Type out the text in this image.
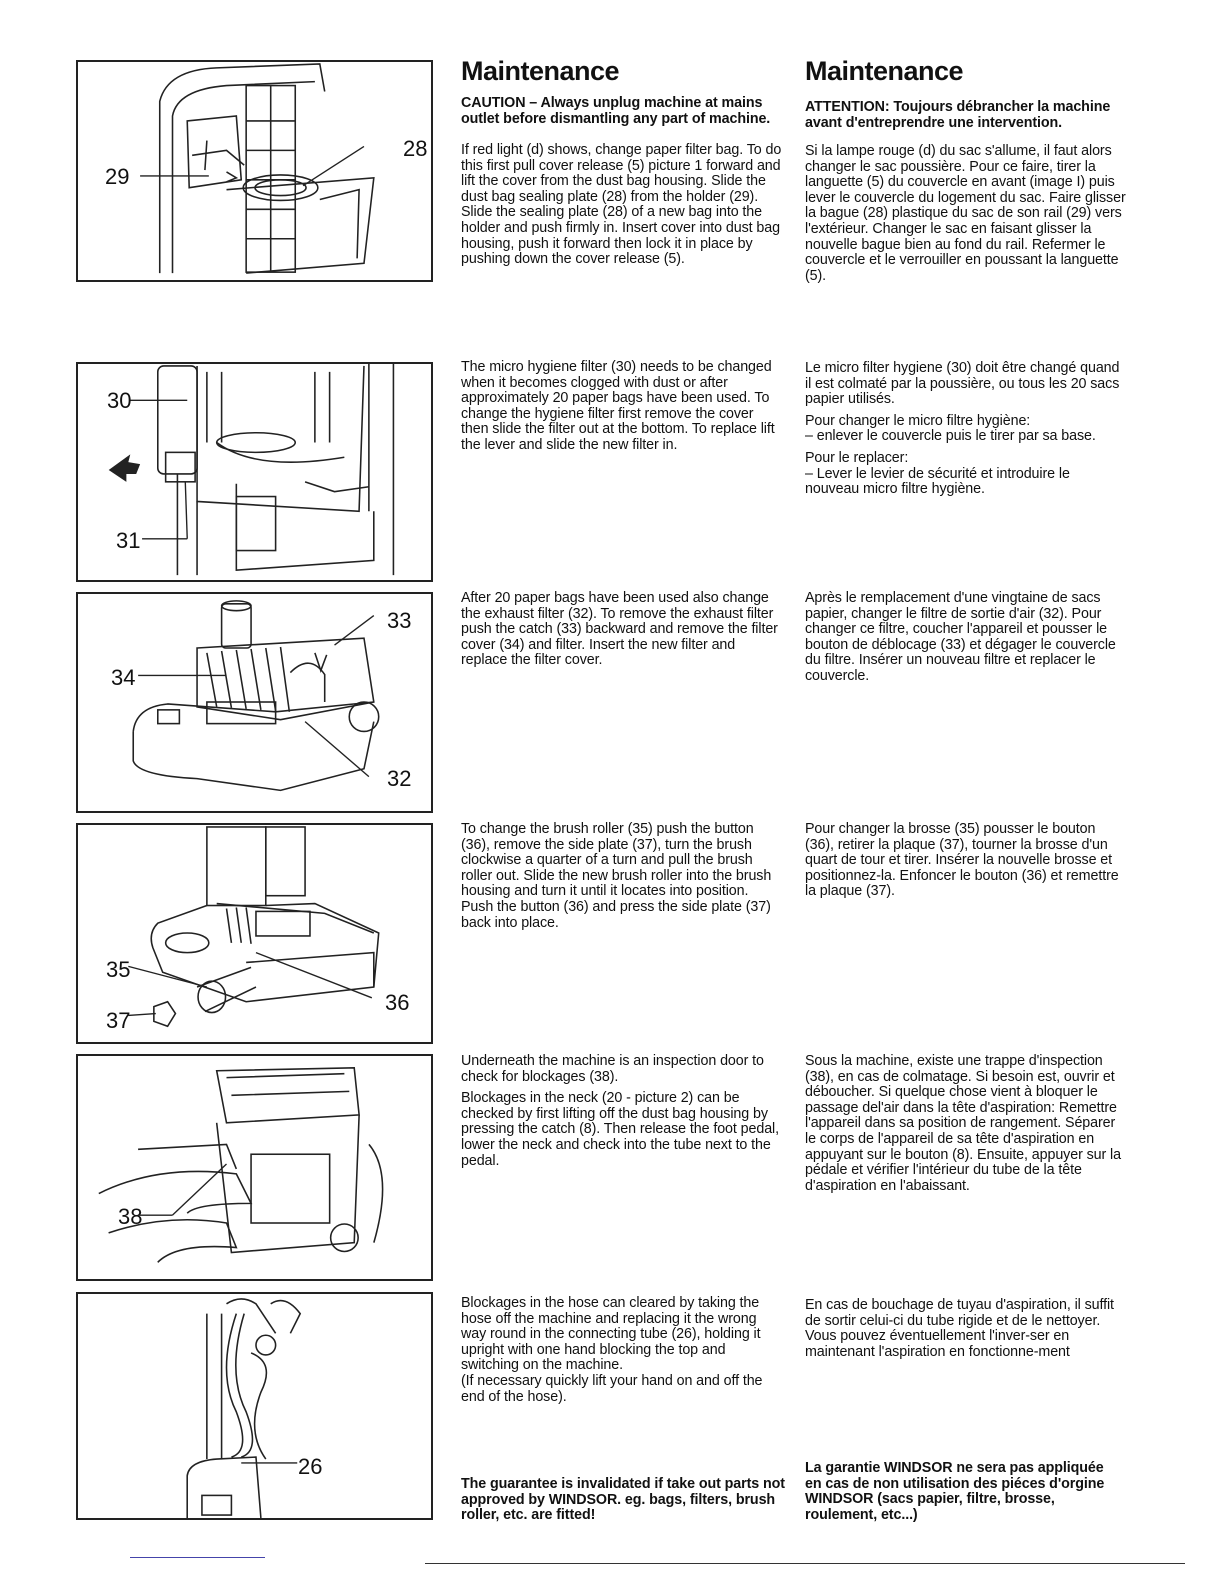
29
28
30
31
33
34
32
35
37
36
38
26
Maintenance
CAUTION – Always unplug machine at mains outlet before dismantling any part of machine.
If red light (d) shows, change paper filter bag. To do this first pull cover release (5) picture 1 forward and lift the cover from the dust bag housing. Slide the dust bag sealing plate (28) from the holder (29). Slide the sealing plate (28) of a new bag into the holder and push firmly in. Insert cover into dust bag housing, push it forward then lock it in place by pushing down the cover release (5).
The micro hygiene filter (30) needs to be changed when it becomes clogged with dust or after approximately 20 paper bags have been used. To change the hygiene filter first remove the cover then slide the filter out at the bottom. To replace lift the lever and slide the new filter in.
After 20 paper bags have been used also change the exhaust filter (32). To remove the exhaust filter push the catch (33) backward and remove the filter cover (34) and filter. Insert the new filter and replace the filter cover.
To change the brush roller (35) push the button (36), remove the side plate (37), turn the brush clockwise a quarter of a turn and pull the brush roller out. Slide the new brush roller into the brush housing and turn it until it locates into position. Push the button (36) and press the side plate (37) back into place.

Underneath the machine is an inspection door to check for blockages (38).

Blockages in the neck (20 - picture 2) can be checked by first lifting off the dust bag housing by pressing the catch (8). Then release the foot pedal, lower the neck and check into the tube next to the pedal.

Blockages in the hose can cleared by taking the hose off the machine and replacing it the wrong way round in the connecting tube (26), holding it upright with one hand blocking the top and switching on the machine.

(If necessary quickly lift your hand on and off the end of the hose).

The guarantee is invalidated if take out parts not approved by WINDSOR. eg. bags, filters, brush roller, etc. are fitted!
Maintenance
ATTENTION: Toujours débrancher la machine avant d'entreprendre une intervention.
Si la lampe rouge (d) du sac s'allume, il faut alors changer le sac poussière. Pour ce faire, tirer la languette (5) du couvercle en avant (image I) puis lever le couvercle du logement du sac. Faire glisser la bague (28) plastique du sac de son rail (29) vers l'extérieur. Changer le sac en faisant glisser la nouvelle bague bien au fond du rail. Refermer le couvercle et le verrouiller en poussant la languette (5).

Le micro filter hygiene (30) doit être changé quand il est colmaté par la poussière, ou tous les 20 sacs papier utilisés.

Pour changer le micro filtre hygiène:

– enlever le couvercle puis le tirer par sa base.

Pour le replacer:

– Lever le levier de sécurité et introduire le nouveau micro filtre hygiène.

Après le remplacement d'une vingtaine de sacs papier, changer le filtre de sortie d'air (32). Pour changer ce filtre, coucher l'appareil et pousser le bouton de déblocage (33) et dégager le couvercle du filtre. Insérer un nouveau filtre et replacer le couvercle.
Pour changer la brosse (35) pousser le bouton (36), retirer la plaque (37), tourner la brosse d'un quart de tour et tirer. Insérer la nouvelle brosse et positionnez-la. Enfoncer le bouton (36) et remettre la plaque (37).
Sous la machine, existe une trappe d'inspection (38), en cas de colmatage. Si besoin est, ouvrir et déboucher. Si quelque chose vient à bloquer le passage del'air dans la tête d'aspiration: Remettre l'appareil dans sa position de rangement. Séparer le corps de l'appareil de sa tête d'aspiration en appuyant sur le bouton (8). Ensuite, appuyer sur la pédale et vérifier l'intérieur du tube de la tête d'aspiration en l'abaissant.
En cas de bouchage de tuyau d'aspiration, il suffit de sortir celui-ci du tube rigide et de le nettoyer. Vous pouvez éventuellement l'inver-ser en maintenant l'aspiration en fonctionne-ment
La garantie WINDSOR ne sera pas appliquée en cas de non utilisation des piéces d'orgine WINDSOR (sacs papier, filtre, brosse, roulement, etc...)
